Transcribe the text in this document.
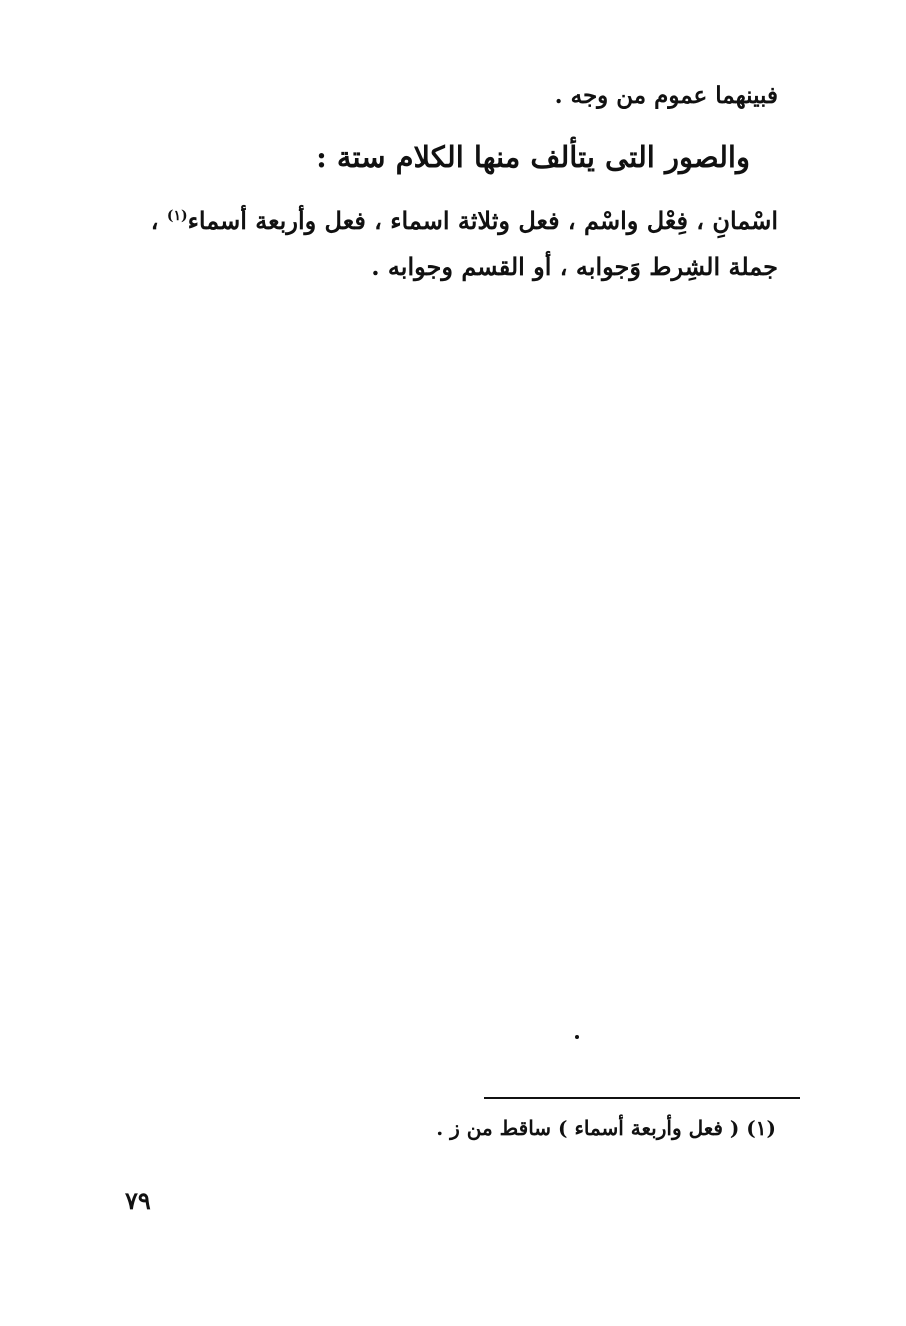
فبينهما عموم من وجه .
والصور التى يتألف منها الكلام ستة :
اسْمانِ ، فِعْل واسْم ، فعل وثلاثة اسماء ، فعل وأربعة أسماء$^{(١)}$ ،
جملة الشِرط وَجوابه ، أو القسم وجوابه .
(١) ( فعل وأربعة أسماء ) ساقط من ز .
٧٩
